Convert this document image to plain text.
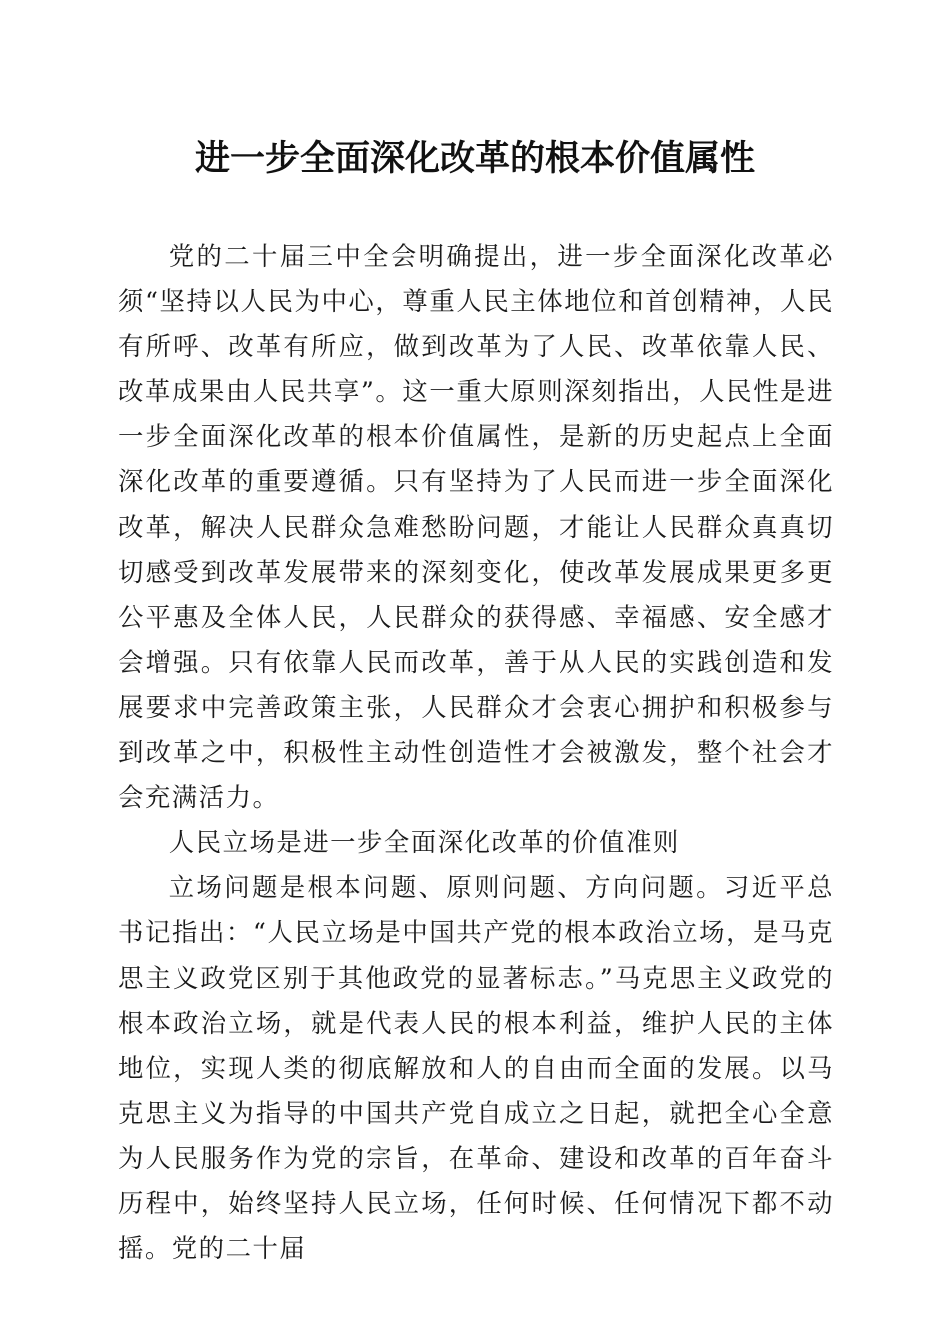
进一步全面深化改革的根本价值属性

党的二十届三中全会明确提出，进一步全面深化改革必须“坚持以人民为中心，尊重人民主体地位和首创精神，人民有所呼、改革有所应，做到改革为了人民、改革依靠人民、改革成果由人民共享”。这一重大原则深刻指出，人民性是进一步全面深化改革的根本价值属性，是新的历史起点上全面深化改革的重要遵循。只有坚持为了人民而进一步全面深化改革，解决人民群众急难愁盼问题，才能让人民群众真真切切感受到改革发展带来的深刻变化，使改革发展成果更多更公平惠及全体人民，人民群众的获得感、幸福感、安全感才会增强。只有依靠人民而改革，善于从人民的实践创造和发展要求中完善政策主张，人民群众才会衷心拥护和积极参与到改革之中，积极性主动性创造性才会被激发，整个社会才会充满活力。

人民立场是进一步全面深化改革的价值准则

立场问题是根本问题、原则问题、方向问题。习近平总书记指出：“人民立场是中国共产党的根本政治立场，是马克思主义政党区别于其他政党的显著标志。”马克思主义政党的根本政治立场，就是代表人民的根本利益，维护人民的主体地位，实现人类的彻底解放和人的自由而全面的发展。以马克思主义为指导的中国共产党自成立之日起，就把全心全意为人民服务作为党的宗旨，在革命、建设和改革的百年奋斗历程中，始终坚持人民立场，任何时候、任何情况下都不动摇。党的二十届
